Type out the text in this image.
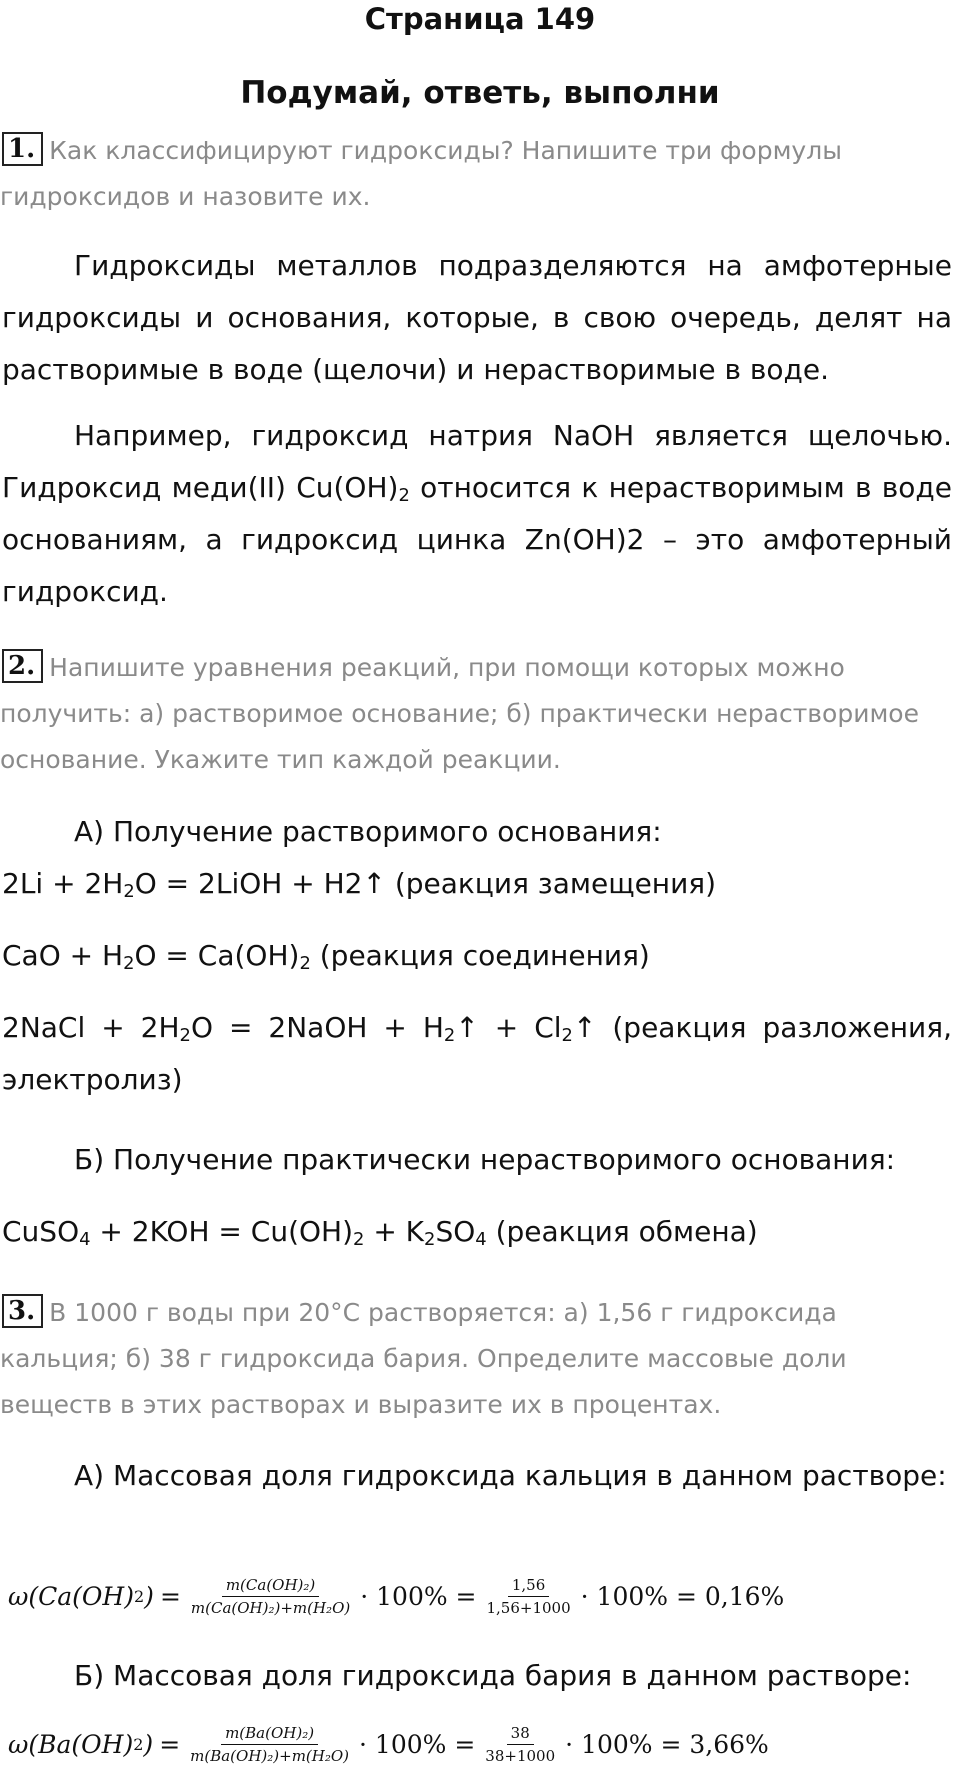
Страница 149
Подумай, ответь, выполни
1. Как классифицируют гидроксиды? Напишите три формулы гидроксидов и назовите их.
Гидроксиды металлов подразделяются на амфотерные гидроксиды и основания, которые, в свою очередь, делят на растворимые в воде (щелочи) и нерастворимые в воде.
Например, гидроксид натрия NaOH является щелочью. Гидроксид меди(II) $Cu(OH)_2$ относится к нерастворимым в воде основаниям, а гидроксид цинка Zn(OH)2 – это амфотерный гидроксид.
2. Напишите уравнения реакций, при помощи которых можно получить: а) растворимое основание; б) практически нерастворимое основание. Укажите тип каждой реакции.
А) Получение растворимого основания:
$2Li + 2H_2O$ = 2LiOH + H2↑ (реакция замещения)
CaO + $H_2O = Ca(OH)_2$ (реакция соединения)
2NaCl + $2H_2O$ = 2NaOH + $H_2↑$ + $Cl_2↑$ (реакция разложения, электролиз)
Б) Получение практически нерастворимого основания:
CuSO$_4$ + $2KOH = Cu(OH)_2 + K_2SO_4$ (реакция обмена)
3. В 1000 г воды при 20°C растворяется: а) 1,56 г гидроксида кальция; б) 38 г гидроксида бария. Определите массовые доли веществ в этих растворах и выразите их в процентах.
А) Массовая доля гидроксида кальция в данном растворе:
ω(Ca(OH) 2 ) = $\frac{\text{m(Ca(OH)₂)}}{\text{m(Ca(OH)₂)+m(H₂O)}} \cdot 100\% = \frac{1,56}{1,56+1000} \cdot 100\% = 0,16\%$
Б) Массовая доля гидроксида бария в данном растворе:
ω(Ba(OH) 2 ) = $\frac{\text{m(Ba(OH)₂)}}{\text{m(Ba(OH)₂)+m(H₂O)}} \cdot 100\% = \frac{38}{38+1000} \cdot 100\% = 3,66\%$
